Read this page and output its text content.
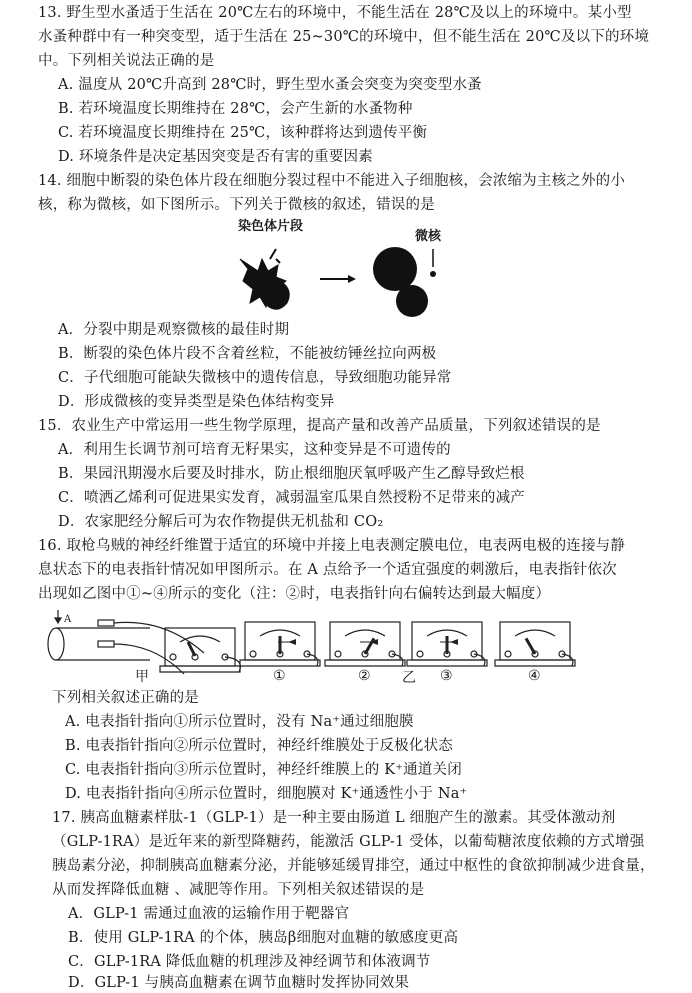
13. 野生型水蚤适于生活在 20℃左右的环境中，不能生活在 28℃及以上的环境中。某小型
水蚤种群中有一种突变型，适于生活在 25~30℃的环境中，但不能生活在 20℃及以下的环境
中。下列相关说法正确的是
A. 温度从 20℃升高到 28℃时，野生型水蚤会突变为突变型水蚤
B. 若环境温度长期维持在 28℃，会产生新的水蚤物种
C. 若环境温度长期维持在 25℃，该种群将达到遗传平衡
D. 环境条件是决定基因突变是否有害的重要因素
14. 细胞中断裂的染色体片段在细胞分裂过程中不能进入子细胞核，会浓缩为主核之外的小
核，称为微核，如下图所示。下列关于微核的叙述，错误的是
染色体片段
微核
A．分裂中期是观察微核的最佳时期
B．断裂的染色体片段不含着丝粒，不能被纺锤丝拉向两极
C．子代细胞可能缺失微核中的遗传信息，导致细胞功能异常
D．形成微核的变异类型是染色体结构变异
15．农业生产中常运用一些生物学原理，提高产量和改善产品质量，下列叙述错误的是
A．利用生长调节剂可培育无籽果实，这种变异是不可遗传的
B．果园汛期漫水后要及时排水，防止根细胞厌氧呼吸产生乙醇导致烂根
C．喷洒乙烯利可促进果实发育，减弱温室瓜果自然授粉不足带来的减产
D．农家肥经分解后可为农作物提供无机盐和 CO₂
16. 取枪乌贼的神经纤维置于适宜的环境中并接上电表测定膜电位，电表两电极的连接与静
息状态下的电表指针情况如甲图所示。在 A 点给予一个适宜强度的刺激后，电表指针依次
出现如乙图中①~④所示的变化（注：②时，电表指针向右偏转达到最大幅度）
A
甲	①	② 乙 ③	④
下列相关叙述正确的是
A. 电表指针指向①所示位置时，没有 Na⁺通过细胞膜
B. 电表指针指向②所示位置时，神经纤维膜处于反极化状态
C. 电表指针指向③所示位置时，神经纤维膜上的 K⁺通道关闭
D. 电表指针指向④所示位置时，细胞膜对 K⁺通透性小于 Na⁺
17. 胰高血糖素样肽-1（GLP-1）是一种主要由肠道 L 细胞产生的激素。其受体激动剂
（GLP-1RA）是近年来的新型降糖药，能激活 GLP-1 受体，以葡萄糖浓度依赖的方式增强
胰岛素分泌，抑制胰高血糖素分泌，并能够延缓胃排空，通过中枢性的食欲抑制减少进食量，
从而发挥降低血糖 、减肥等作用。下列相关叙述错误的是
A．GLP-1 需通过血液的运输作用于靶器官
B．使用 GLP-1RA 的个体，胰岛β细胞对血糖的敏感度更高
C．GLP-1RA 降低血糖的机理涉及神经调节和体液调节
D．GLP-1 与胰高血糖素在调节血糖时发挥协同效果
